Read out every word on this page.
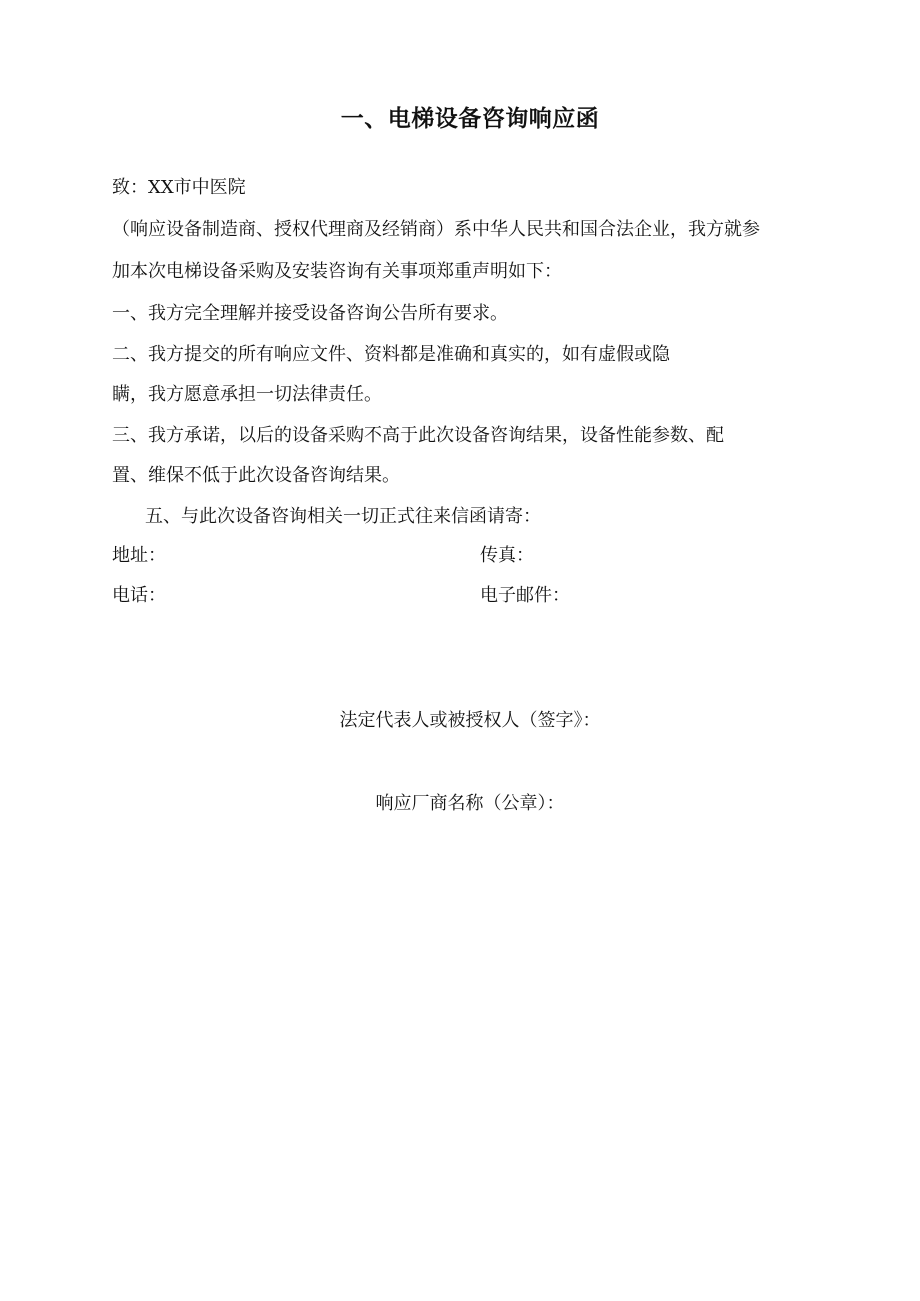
一、电梯设备咨询响应函
致：XX市中医院
（响应设备制造商、授权代理商及经销商）系中华人民共和国合法企业，我方就参
加本次电梯设备采购及安装咨询有关事项郑重声明如下：
一、我方完全理解并接受设备咨询公告所有要求。
二、我方提交的所有响应文件、资料都是准确和真实的，如有虚假或隐
瞒，我方愿意承担一切法律责任。
三、我方承诺，以后的设备采购不高于此次设备咨询结果，设备性能参数、配
置、维保不低于此次设备咨询结果。
五、与此次设备咨询相关一切正式往来信函请寄：
地址：	传真：
电话：	电子邮件：
法定代表人或被授权人（签字》：
响应厂商名称（公章）：
